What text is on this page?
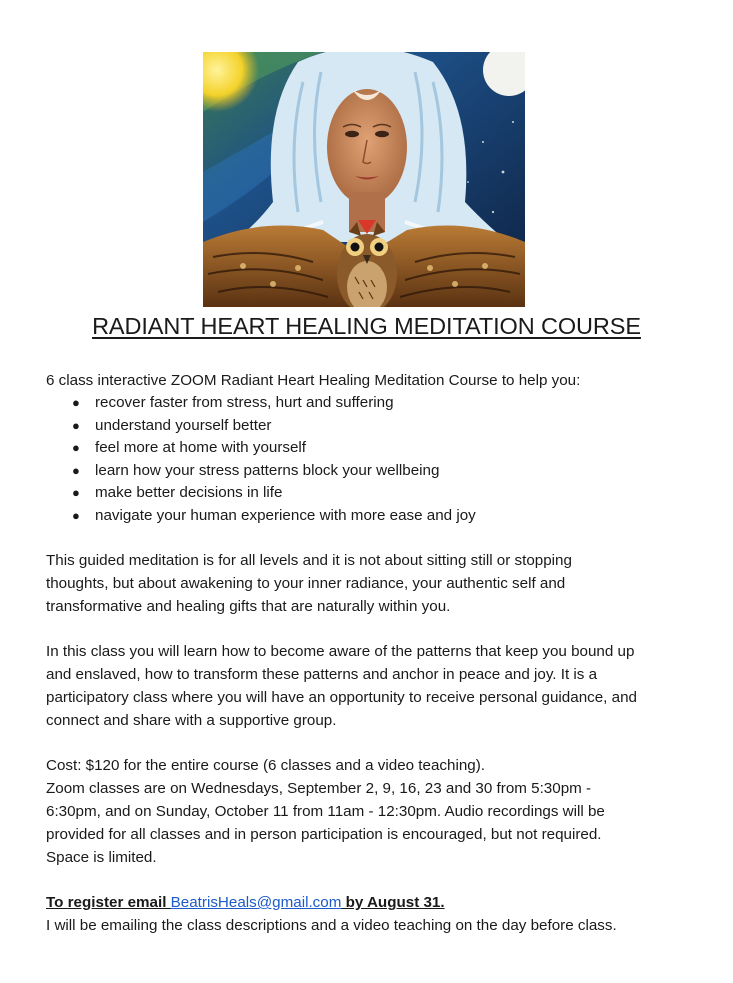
RADIANT HEART HEALING MEDITATION COURSE

6 class interactive ZOOM Radiant Heart Healing Meditation Course to help you:

● recover faster from stress, hurt and suffering
● understand yourself better
● feel more at home with yourself
● learn how your stress patterns block your wellbeing
● make better decisions in life
● navigate your human experience with more ease and joy

This guided meditation is for all levels and it is not about sitting still or stopping

thoughts, but about awakening to your inner radiance, your authentic self and

transformative and healing gifts that are naturally within you.

In this class you will learn how to become aware of the patterns that keep you bound up

and enslaved, how to transform these patterns and anchor in peace and joy. It is a

participatory class where you will have an opportunity to receive personal guidance, and

connect and share with a supportive group.

Cost: $120 for the entire course (6 classes and a video teaching).

Zoom classes are on Wednesdays, September 2, 9, 16, 23 and 30 from 5:30pm -

6:30pm, and on Sunday, October 11 from 11am - 12:30pm. Audio recordings will be

provided for all classes and in person participation is encouraged, but not required.

Space is limited.

To register email BeatrisHeals@gmail.com by August 31.

I will be emailing the class descriptions and a video teaching on the day before class.
